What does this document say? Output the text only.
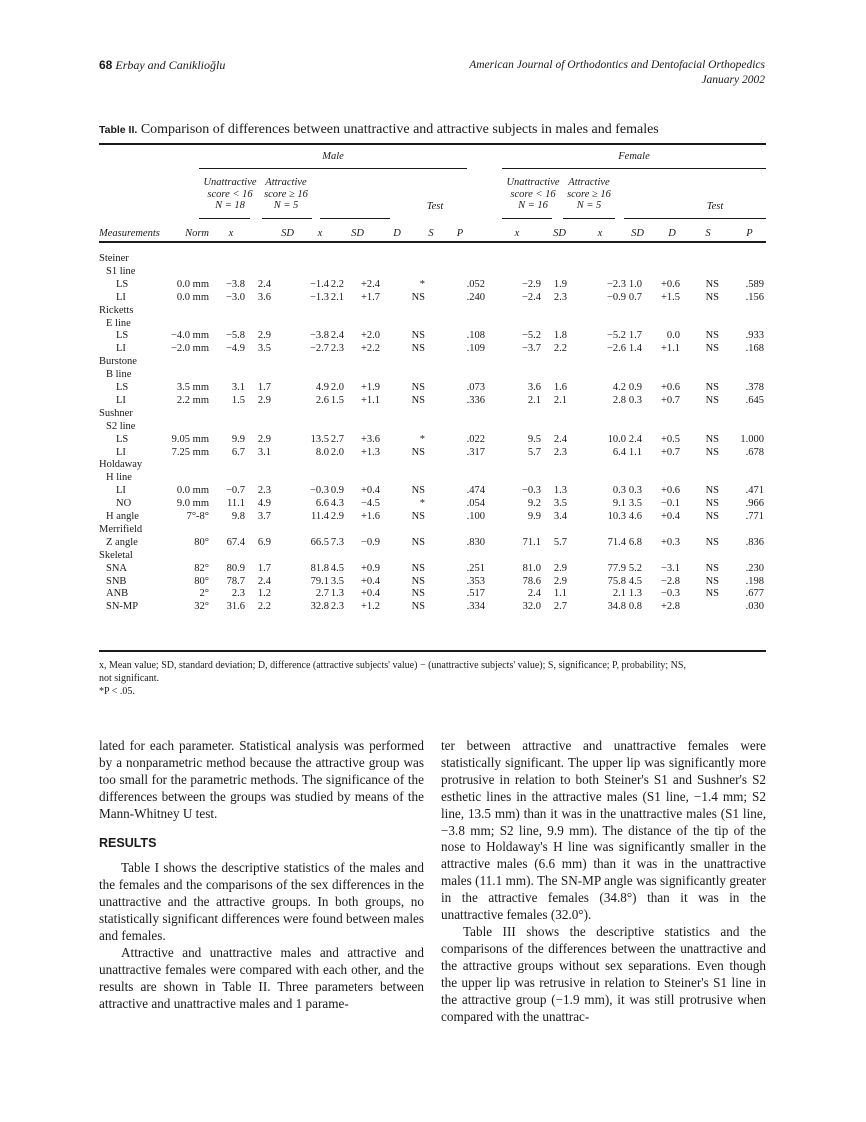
68 Erbay and Caniklioğlu	American Journal of Orthodontics and Dentofacial Orthopedics
January 2002
Table II. Comparison of differences between unattractive and attractive subjects in males and females
Male	Female
Unattractive
score < 16
N = 18
Attractive
score ≥ 16
N = 5
Unattractive
score < 16
N = 16
Attractive
score ≥ 16
N = 5
Test	Test
Measurements	Norm	x	SD	x	SD	D	S	P	x	SD	x	SD	D	S	P
Steiner
S1 line
LS	0.0 mm	−3.8	2.4	−1.4 2.2	+2.4	*	.052	−2.9	1.9	−2.3 1.0	+0.6	NS	.589
LI	0.0 mm	−3.0	3.6	−1.3 2.1	+1.7	NS	.240	−2.4	2.3	−0.9 0.7	+1.5	NS	.156
Ricketts
E line
LS	−4.0 mm	−5.8	2.9	−3.8 2.4	+2.0	NS	.108	−5.2	1.8	−5.2 1.7	0.0	NS	.933
LI	−2.0 mm	−4.9	3.5	−2.7 2.3	+2.2	NS	.109	−3.7	2.2	−2.6 1.4	+1.1	NS	.168
Burstone
B line
LS	3.5 mm	3.1	1.7	4.9 2.0	+1.9	NS	.073	3.6	1.6	4.2 0.9	+0.6	NS	.378
LI	2.2 mm	1.5	2.9	2.6 1.5	+1.1	NS	.336	2.1	2.1	2.8 0.3	+0.7	NS	.645
Sushner
S2 line
LS	9.05 mm	9.9	2.9	13.5 2.7	+3.6	*	.022	9.5	2.4	10.0 2.4	+0.5	NS	1.000
LI	7.25 mm	6.7	3.1	8.0 2.0	+1.3	NS	.317	5.7	2.3	6.4 1.1	+0.7	NS	.678
Holdaway
H line
LI	0.0 mm	−0.7	2.3	−0.3 0.9	+0.4	NS	.474	−0.3	1.3	0.3 0.3	+0.6	NS	.471
NO	9.0 mm	11.1	4.9	6.6 4.3	−4.5	*	.054	9.2	3.5	9.1 3.5	−0.1	NS	.966
H angle	7°-8°	9.8	3.7	11.4 2.9	+1.6	NS	.100	9.9	3.4	10.3 4.6	+0.4	NS	.771
Merrifield
Z angle	80°	67.4	6.9	66.5 7.3	−0.9	NS	.830	71.1	5.7	71.4 6.8	+0.3	NS	.836
Skeletal
SNA	82°	80.9	1.7	81.8 4.5	+0.9	NS	.251	81.0	2.9	77.9 5.2	−3.1	NS	.230
SNB	80°	78.7	2.4	79.1 3.5	+0.4	NS	.353	78.6	2.9	75.8 4.5	−2.8	NS	.198
ANB	2°	2.3	1.2	2.7 1.3	+0.4	NS	.517	2.4	1.1	2.1 1.3	−0.3	NS	.677
SN-MP	32°	31.6	2.2	32.8 2.3	+1.2	NS	.334	32.0	2.7	34.8 0.8	+2.8	.030
x, Mean value; SD, standard deviation; D, difference (attractive subjects' value) − (unattractive subjects' value); S, significance; P, probability; NS,
not significant.
*P < .05.

lated for each parameter. Statistical analysis was performed by a nonparametric method because the attractive group was too small for the parametric methods. The significance of the differences between the groups was studied by means of the Mann-Whitney U test.

RESULTS

Table I shows the descriptive statistics of the males and the females and the comparisons of the sex differences in the unattractive and the attractive groups. In both groups, no statistically significant differences were found between males and females.

Attractive and unattractive males and attractive and unattractive females were compared with each other, and the results are shown in Table II. Three parameters between attractive and unattractive males and 1 parame-

ter between attractive and unattractive females were statistically significant. The upper lip was significantly more protrusive in relation to both Steiner's S1 and Sushner's S2 esthetic lines in the attractive males (S1 line, −1.4 mm; S2 line, 13.5 mm) than it was in the unattractive males (S1 line, −3.8 mm; S2 line, 9.9 mm). The distance of the tip of the nose to Holdaway's H line was significantly smaller in the attractive males (6.6 mm) than it was in the unattractive males (11.1 mm). The SN-MP angle was significantly greater in the attractive females (34.8°) than it was in the unattractive females (32.0°).

Table III shows the descriptive statistics and the comparisons of the differences between the unattractive and the attractive groups without sex separations. Even though the upper lip was retrusive in relation to Steiner's S1 line in the attractive group (−1.9 mm), it was still protrusive when compared with the unattrac-
